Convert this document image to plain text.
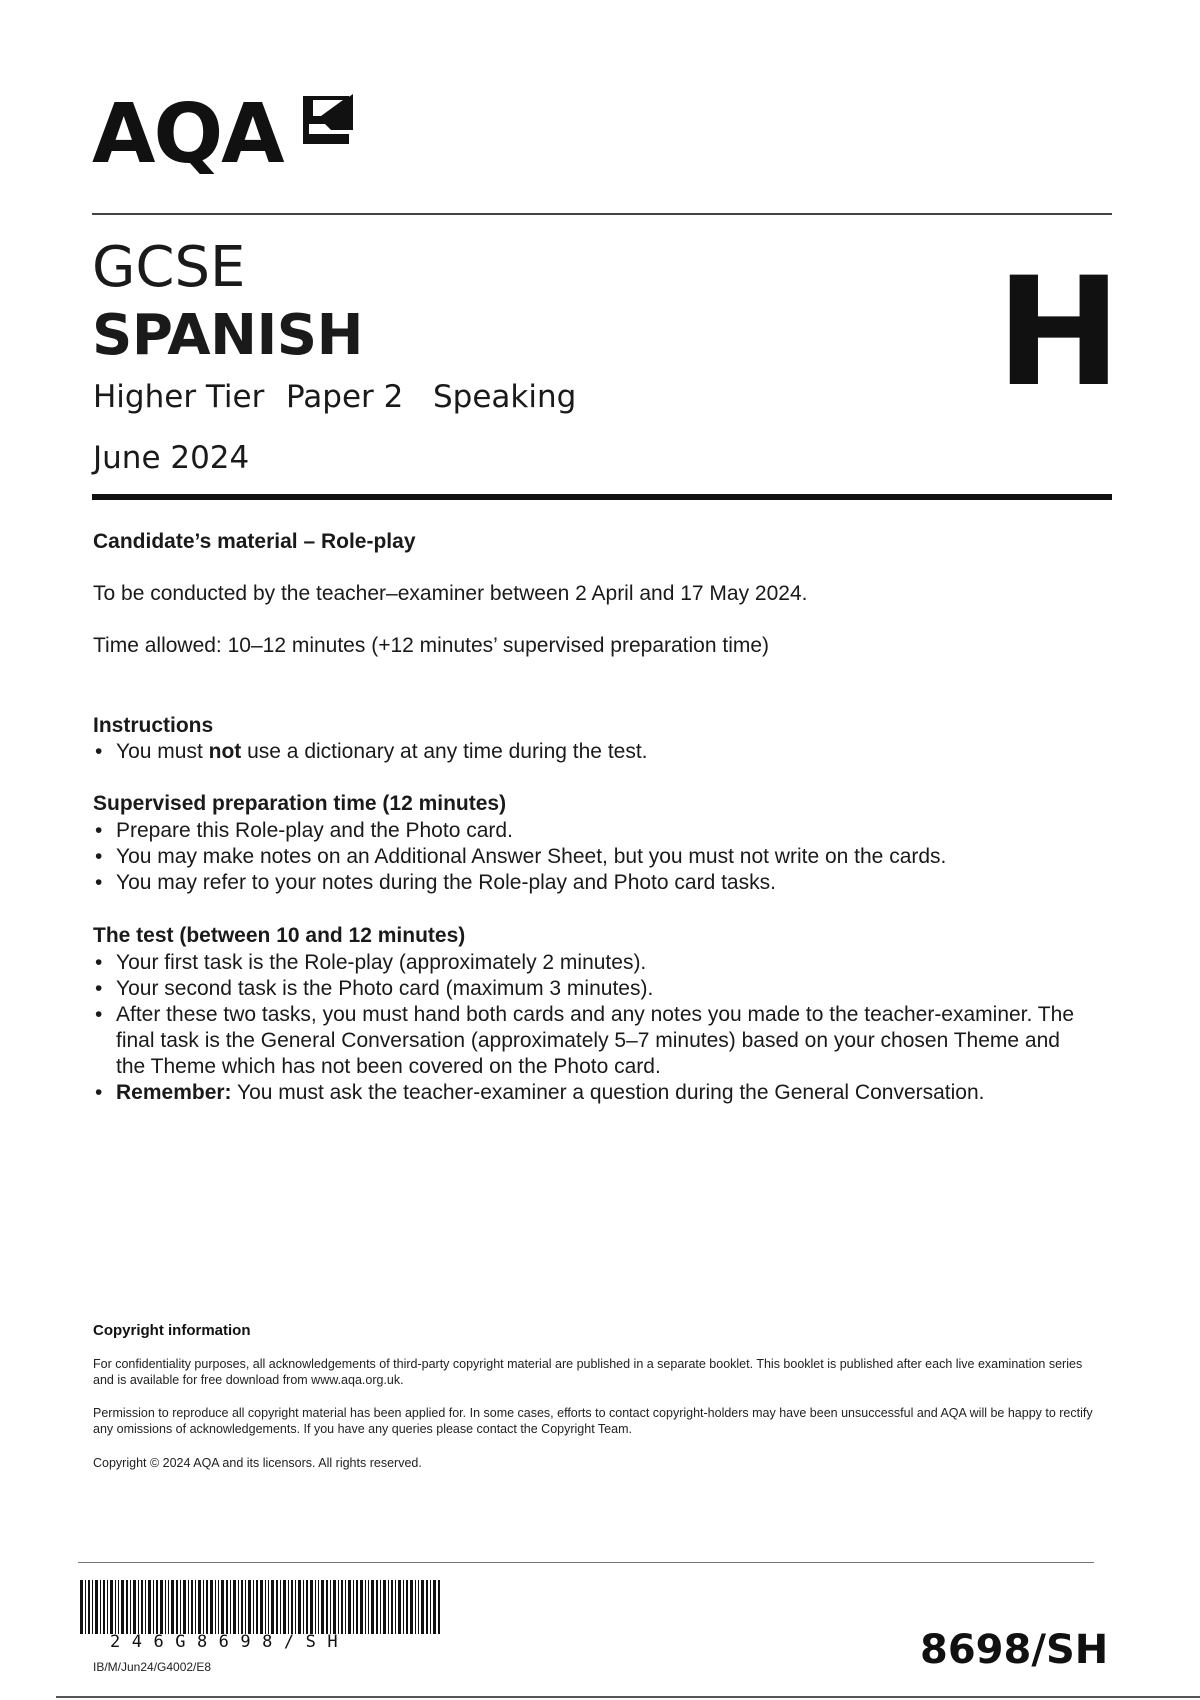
AQA
GCSE
SPANISH
Higher Tier Paper 2 Speaking
June 2024
H
Candidate’s material – Role-play
To be conducted by the teacher–examiner between 2 April and 17 May 2024.
Time allowed: 10–12 minutes (+12 minutes’ supervised preparation time)
Instructions
• You must not use a dictionary at any time during the test.
Supervised preparation time (12 minutes)
• Prepare this Role-play and the Photo card.
• You may make notes on an Additional Answer Sheet, but you must not write on the cards.
• You may refer to your notes during the Role-play and Photo card tasks.
The test (between 10 and 12 minutes)
• Your first task is the Role-play (approximately 2 minutes).
• Your second task is the Photo card (maximum 3 minutes).
• After these two tasks, you must hand both cards and any notes you made to the teacher-examiner. The final task is the General Conversation (approximately 5–7 minutes) based on your chosen Theme and the Theme which has not been covered on the Photo card.
• Remember: You must ask the teacher-examiner a question during the General Conversation.
Copyright information
For confidentiality purposes, all acknowledgements of third-party copyright material are published in a separate booklet. This booklet is published after each live examination series and is available for free download from www.aqa.org.uk.
Permission to reproduce all copyright material has been applied for. In some cases, efforts to contact copyright-holders may have been unsuccessful and AQA will be happy to rectify any omissions of acknowledgements. If you have any queries please contact the Copyright Team.
Copyright © 2024 AQA and its licensors. All rights reserved.
246G8698/SH
IB/M/Jun24/G4002/E8	8698/SH
